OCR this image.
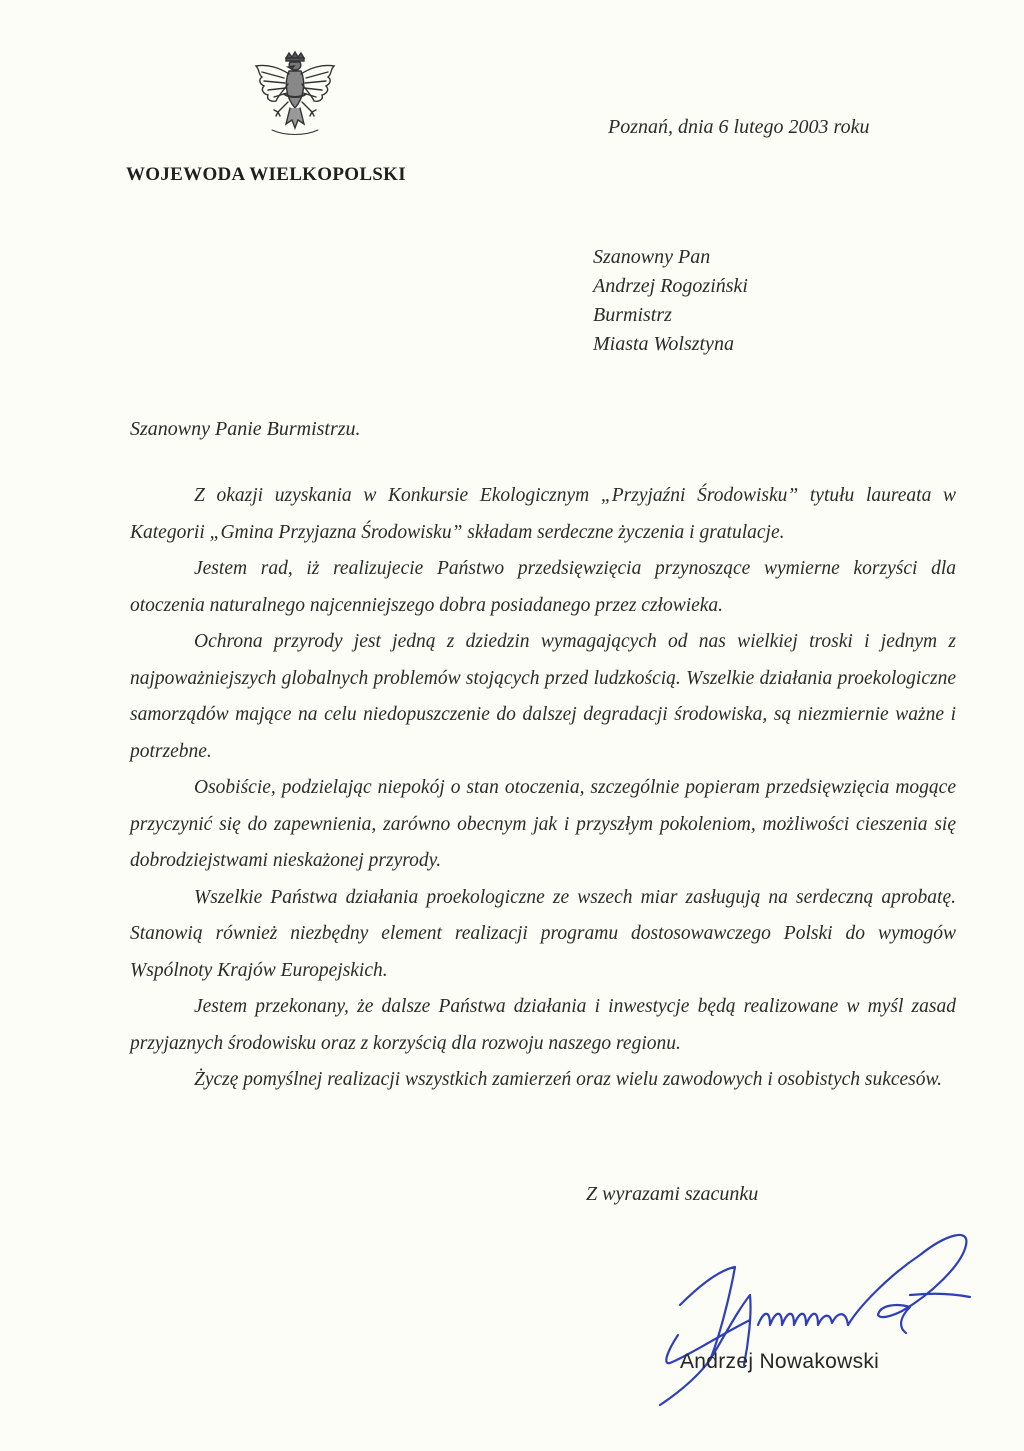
WOJEWODA WIELKOPOLSKI
Poznań, dnia 6 lutego 2003 roku
Szanowny Pan
Andrzej Rogoziński
Burmistrz
Miasta Wolsztyna
Szanowny Panie Burmistrzu.

Z okazji uzyskania w Konkursie Ekologicznym „Przyjaźni Środowisku” tytułu laureata w Kategorii „Gmina Przyjazna Środowisku” składam serdeczne życzenia i gratulacje.

Jestem rad, iż realizujecie Państwo przedsięwzięcia przynoszące wymierne korzyści dla otoczenia naturalnego najcenniejszego dobra posiadanego przez człowieka.

Ochrona przyrody jest jedną z dziedzin wymagających od nas wielkiej troski i jednym z najpoważniejszych globalnych problemów stojących przed ludzkością. Wszelkie działania proekologiczne samorządów mające na celu niedopuszczenie do dalszej degradacji środowiska, są niezmiernie ważne i potrzebne.

Osobiście, podzielając niepokój o stan otoczenia, szczególnie popieram przedsięwzięcia mogące przyczynić się do zapewnienia, zarówno obecnym jak i przyszłym pokoleniom, możliwości cieszenia się dobrodziejstwami nieskażonej przyrody.

Wszelkie Państwa działania proekologiczne ze wszech miar zasługują na serdeczną aprobatę. Stanowią również niezbędny element realizacji programu dostosowawczego Polski do wymogów Wspólnoty Krajów Europejskich.

Jestem przekonany, że dalsze Państwa działania i inwestycje będą realizowane w myśl zasad przyjaznych środowisku oraz z korzyścią dla rozwoju naszego regionu.

Życzę pomyślnej realizacji wszystkich zamierzeń oraz wielu zawodowych i osobistych sukcesów.

Z wyrazami szacunku
Andrzej Nowakowski
